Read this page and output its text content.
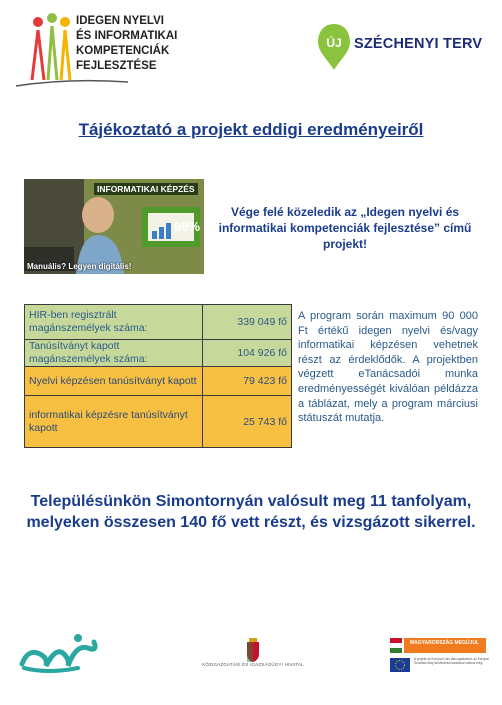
IDEGEN NYELVI
ÉS INFORMATIKAI
KOMPETENCIÁK
FEJLESZTÉSE
ÚJ SZÉCHENYI TERV
Tájékoztató a projekt eddigi eredményeiről
INFORMATIKAI KÉPZÉS
98%
Manuális? Legyen digitális!
Vége felé közeledik az „Idegen nyelvi és informatikai kompetenciák fejlesztése” című projekt!
HIR-ben regisztrált magánszemélyek száma:	339 049 fő
Tanúsítványt kapott magánszemélyek száma:	104 926 fő
Nyelvi képzésen tanúsítványt kapott	79 423 fő
informatikai képzésre tanúsítványt kapott	25 743 fő
A program során maximum 90 000 Ft értékű idegen nyelvi és/vagy informatikai képzésen vehetnek részt az érdeklődők. A projektben végzett eTanácsadói munka eredményességét kiválóan példázza a táblázat, mely a program márciusi státuszát mutatja.
Településünkön Simontornyán valósult meg 11 tanfolyam, melyeken összesen 140 fő vett részt, és vizsgázott sikerrel.
KÖZIGAZGATÁSI ÉS IGAZSÁGÜGYI HIVATAL
MAGYARORSZÁG MEGÚJUL
A projekt az Európai Unió támogatásával, az Európai Szociális Alap társfinanszírozásával valósul meg.
